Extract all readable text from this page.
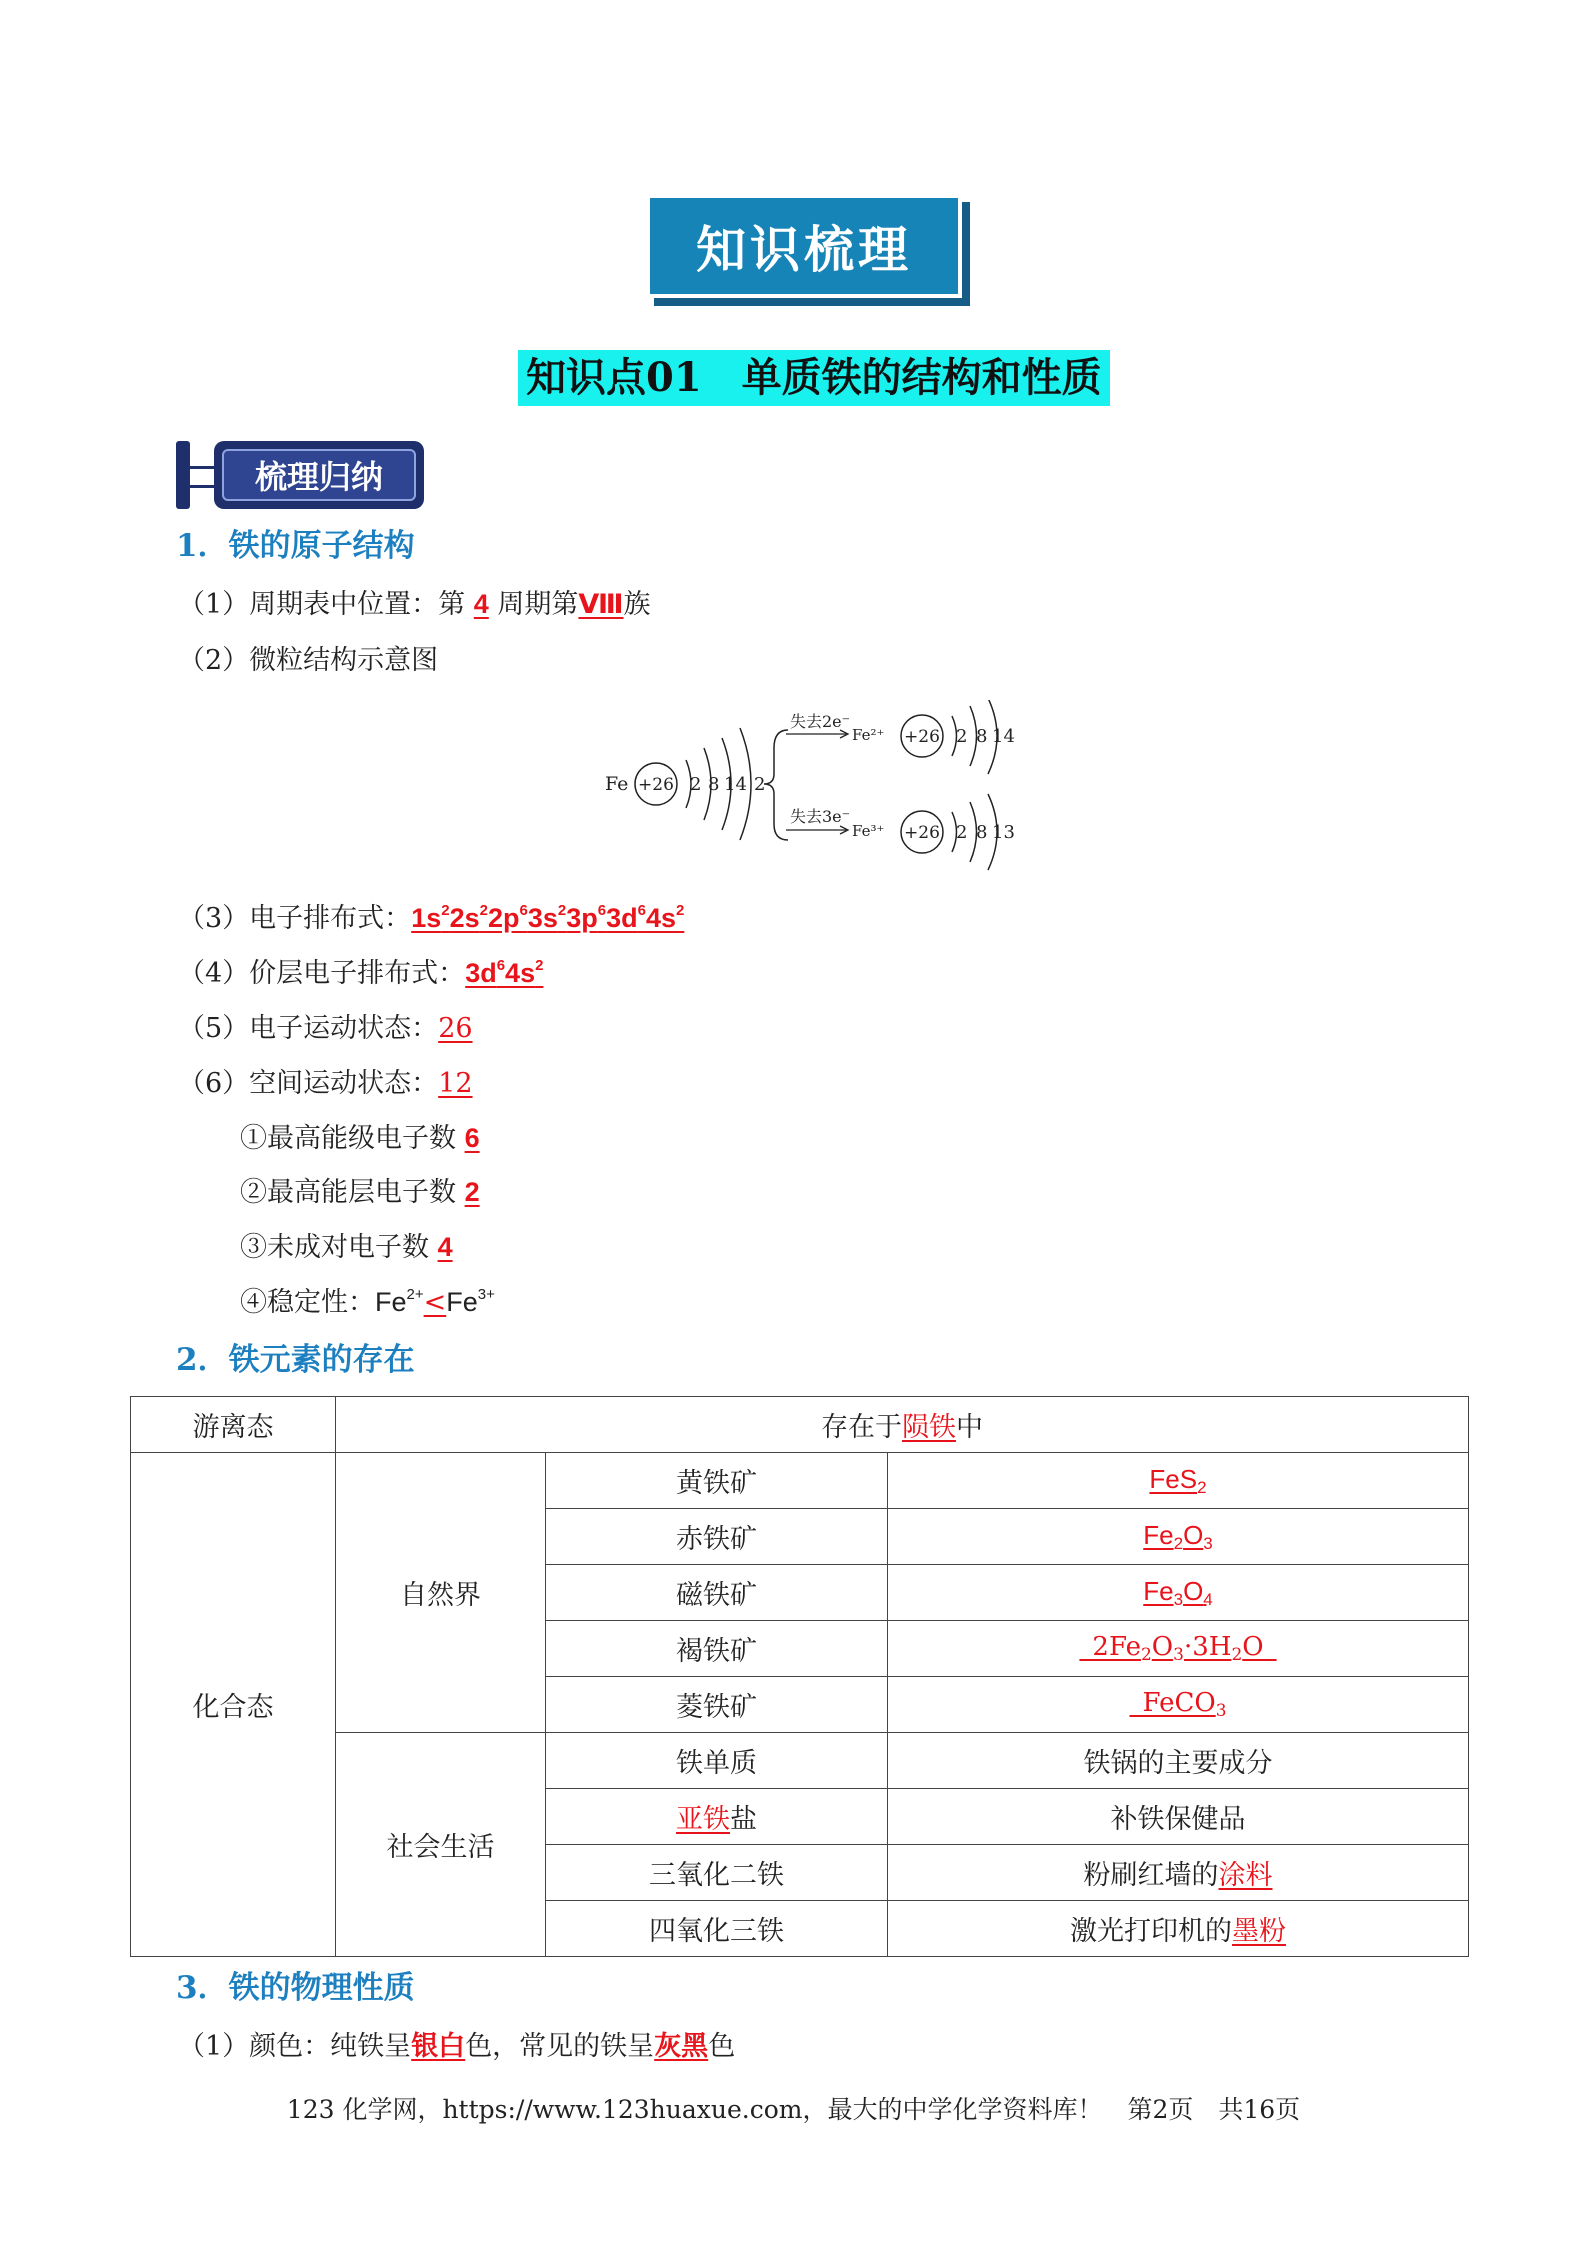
知识梳理
知识点01　单质铁的结构和性质
梳理归纳
1．铁的原子结构
（1）周期表中位置：第 4 周期第Ⅷ族
（2）微粒结构示意图
Fe +26 2 8 14 2
失去2e⁻
Fe²⁺ +26 2 8 14
失去3e⁻
Fe³⁺ +26 2 8 13
（3）电子排布式：$1s^22s^22p^63s^23p^63d^64s^2$
（4）价层电子排布式：$3d^64s^2$
（5）电子运动状态：26
（6）空间运动状态：12
①最高能级电子数 6
②最高能层电子数 2
③未成对电子数 4
④稳定性：$Fe^{2+}<Fe^{3+}$
2．铁元素的存在
游离态	存在于陨铁中		
化合态	自然界	黄铁矿	FeS$_2$
		赤铁矿	$Fe_2O_3$
		磁铁矿	$Fe_3O_4$
		褐铁矿	 $2Fe_2O_3\cdot 3H_2O$ 
		菱铁矿	 FeCO$_3$
	社会生活	铁单质	铁锅的主要成分
		亚铁盐	补铁保健品
		三氧化二铁	粉刷红墙的涂料
		四氧化三铁	激光打印机的墨粉
3．铁的物理性质
（1）颜色：纯铁呈银白色，常见的铁呈灰黑色
123 化学网，https://www.123huaxue.com，最大的中学化学资料库！　第2页　共16页
